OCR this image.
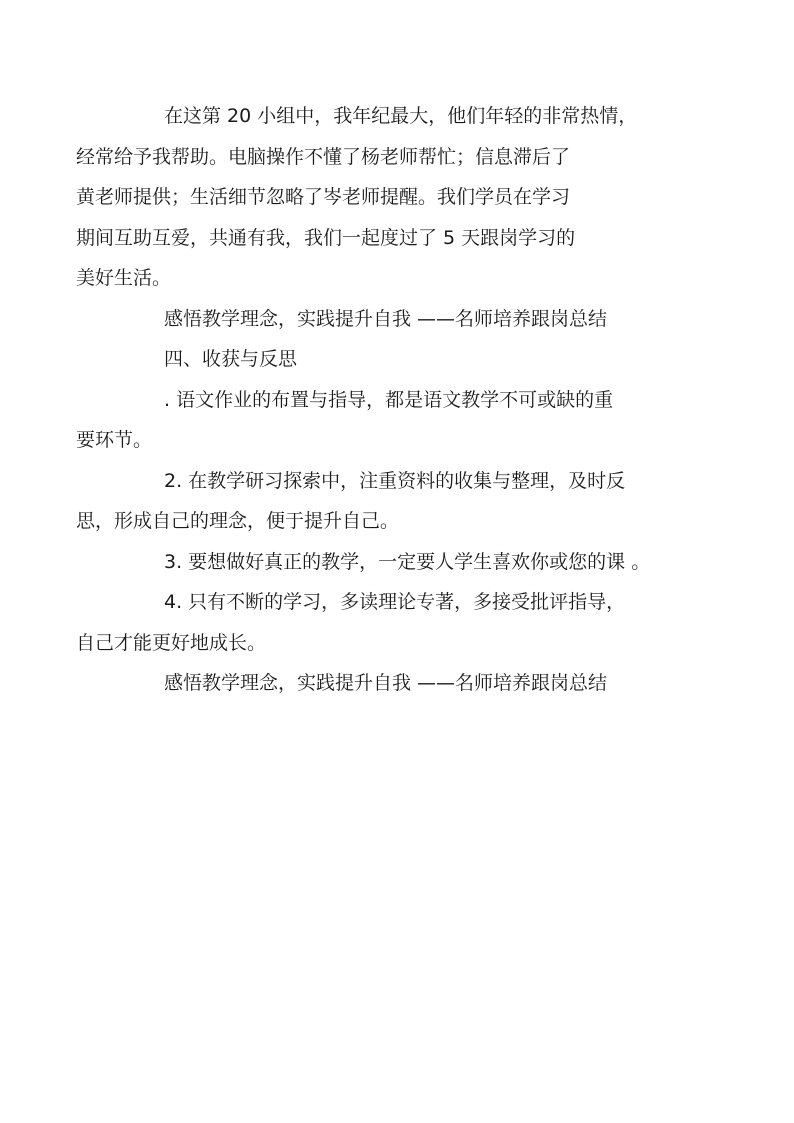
在这第 20 小组中，我年纪最大，他们年轻的非常热情，
经常给予我帮助。电脑操作不懂了杨老师帮忙；信息滞后了
黄老师提供；生活细节忽略了岑老师提醒。我们学员在学习
期间互助互爱，共通有我，我们一起度过了 5 天跟岗学习的
美好生活。

感悟教学理念，实践提升自我 ——名师培养跟岗总结

四、收获与反思

. 语文作业的布置与指导，都是语文教学不可或缺的重
要环节。

2. 在教学研习探索中，注重资料的收集与整理，及时反
思，形成自己的理念，便于提升自己。

3. 要想做好真正的教学，一定要人学生喜欢你或您的课 。

4. 只有不断的学习，多读理论专著，多接受批评指导，
自己才能更好地成长。

感悟教学理念，实践提升自我 ——名师培养跟岗总结
